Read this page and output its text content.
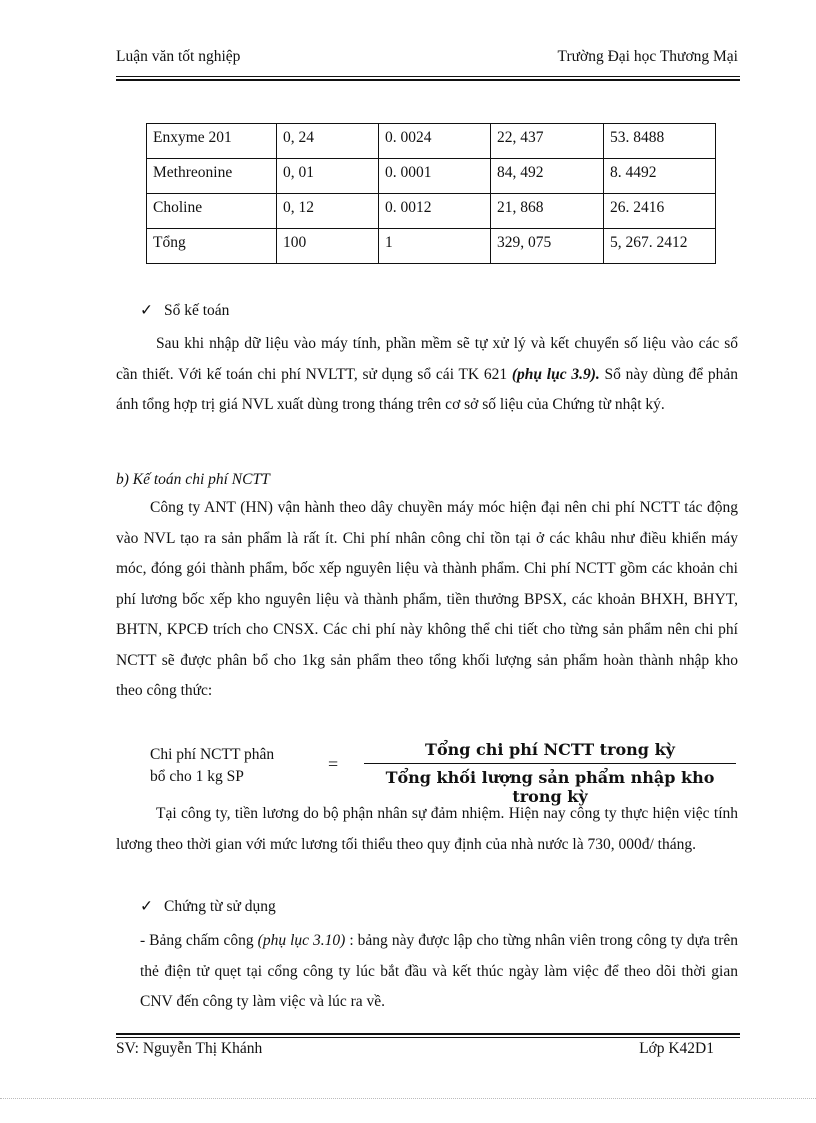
Luận văn tốt nghiệp	Trường Đại học Thương Mại
Enxyme 201	0, 24	0. 0024	22, 437	53. 8488
Methreonine	0, 01	0. 0001	84, 492	8. 4492
Choline	0, 12	0. 0012	21, 868	26. 2416
Tổng	100	1	329, 075	5, 267. 2412
✓ Sổ kế toán
Sau khi nhập dữ liệu vào máy tính, phần mềm sẽ tự xử lý và kết chuyển số liệu vào các sổ cần thiết. Với kế toán chi phí NVLTT, sử dụng sổ cái TK 621 (phụ lục 3.9). Sổ này dùng để phản ánh tổng hợp trị giá NVL xuất dùng trong tháng trên cơ sở số liệu của Chứng từ nhật ký.
b) Kế toán chi phí NCTT
Công ty ANT (HN) vận hành theo dây chuyền máy móc hiện đại nên chi phí NCTT tác động vào NVL tạo ra sản phẩm là rất ít. Chi phí nhân công chỉ tồn tại ở các khâu như điều khiển máy móc, đóng gói thành phẩm, bốc xếp nguyên liệu và thành phẩm. Chi phí NCTT gồm các khoản chi phí lương bốc xếp kho nguyên liệu và thành phẩm, tiền thưởng BPSX, các khoản BHXH, BHYT, BHTN, KPCĐ trích cho CNSX. Các chi phí này không thể chi tiết cho từng sản phẩm nên chi phí NCTT sẽ được phân bổ cho 1kg sản phẩm theo tổng khối lượng sản phẩm hoàn thành nhập kho theo công thức:
Chi phí NCTT phân
bổ cho 1 kg SP
=
Tổng chi phí NCTT trong kỳ
Tổng khối lượng sản phẩm nhập kho trong kỳ
Tại công ty, tiền lương do bộ phận nhân sự đảm nhiệm. Hiện nay công ty thực hiện việc tính lương theo thời gian với mức lương tối thiểu theo quy định của nhà nước là 730, 000đ/ tháng.
✓ Chứng từ sử dụng
- Bảng chấm công (phụ lục 3.10) : bảng này được lập cho từng nhân viên trong công ty dựa trên thẻ điện tử quẹt tại cổng công ty lúc bắt đầu và kết thúc ngày làm việc để theo dõi thời gian CNV đến công ty làm việc và lúc ra về.
SV: Nguyễn Thị Khánh	Lớp K42D1
